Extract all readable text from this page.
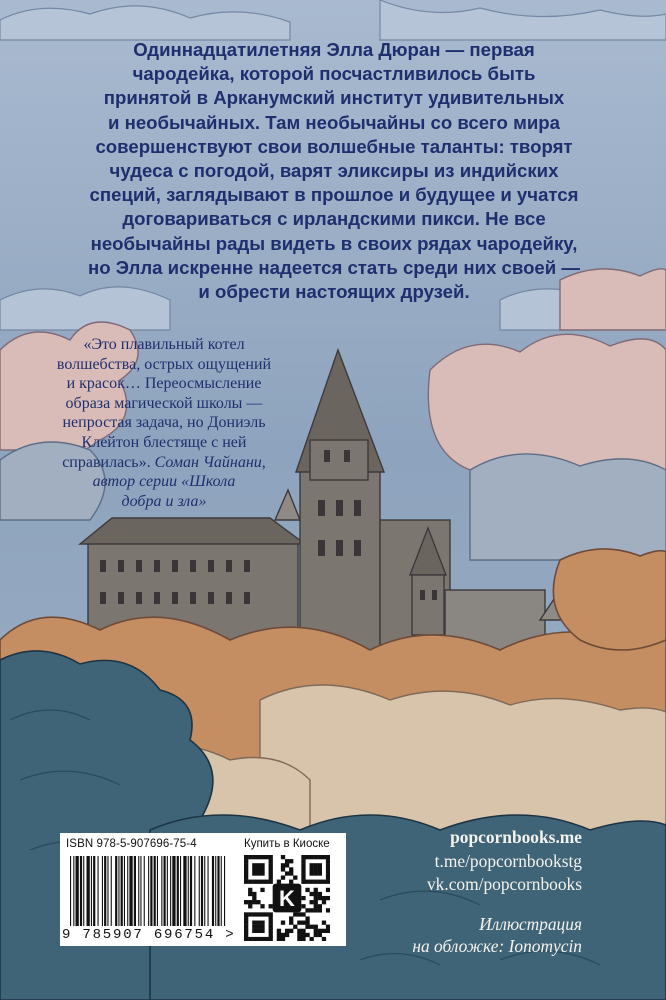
Одиннадцатилетняя Элла Дюран — первая
чародейка, которой посчастливилось быть
принятой в Арканумский институт удивительных
и необычайных. Там необычайны со всего мира
совершенствуют свои волшебные таланты: творят
чудеса с погодой, варят эликсиры из индийских
специй, заглядывают в прошлое и будущее и учатся
договариваться с ирландскими пикси. Не все
необычайны рады видеть в своих рядах чародейку,
но Элла искренне надеется стать среди них своей —
и обрести настоящих друзей.
«Это плавильный котел
волшебства, острых ощущений
и красок… Переосмысление
образа магической школы —
непростая задача, но Дониэль
Клейтон блестяще с ней
справилась». Соман Чайнани,
автор серии «Школа
добра и зла»

ISBN 978-5-907696-75-4	Купить в Киоске

9 785907 696754 >

K
popcornbooks.me
t.me/popcornbookstg
vk.com/popcornbooks
Иллюстрация
на обложке: Ionomycin
